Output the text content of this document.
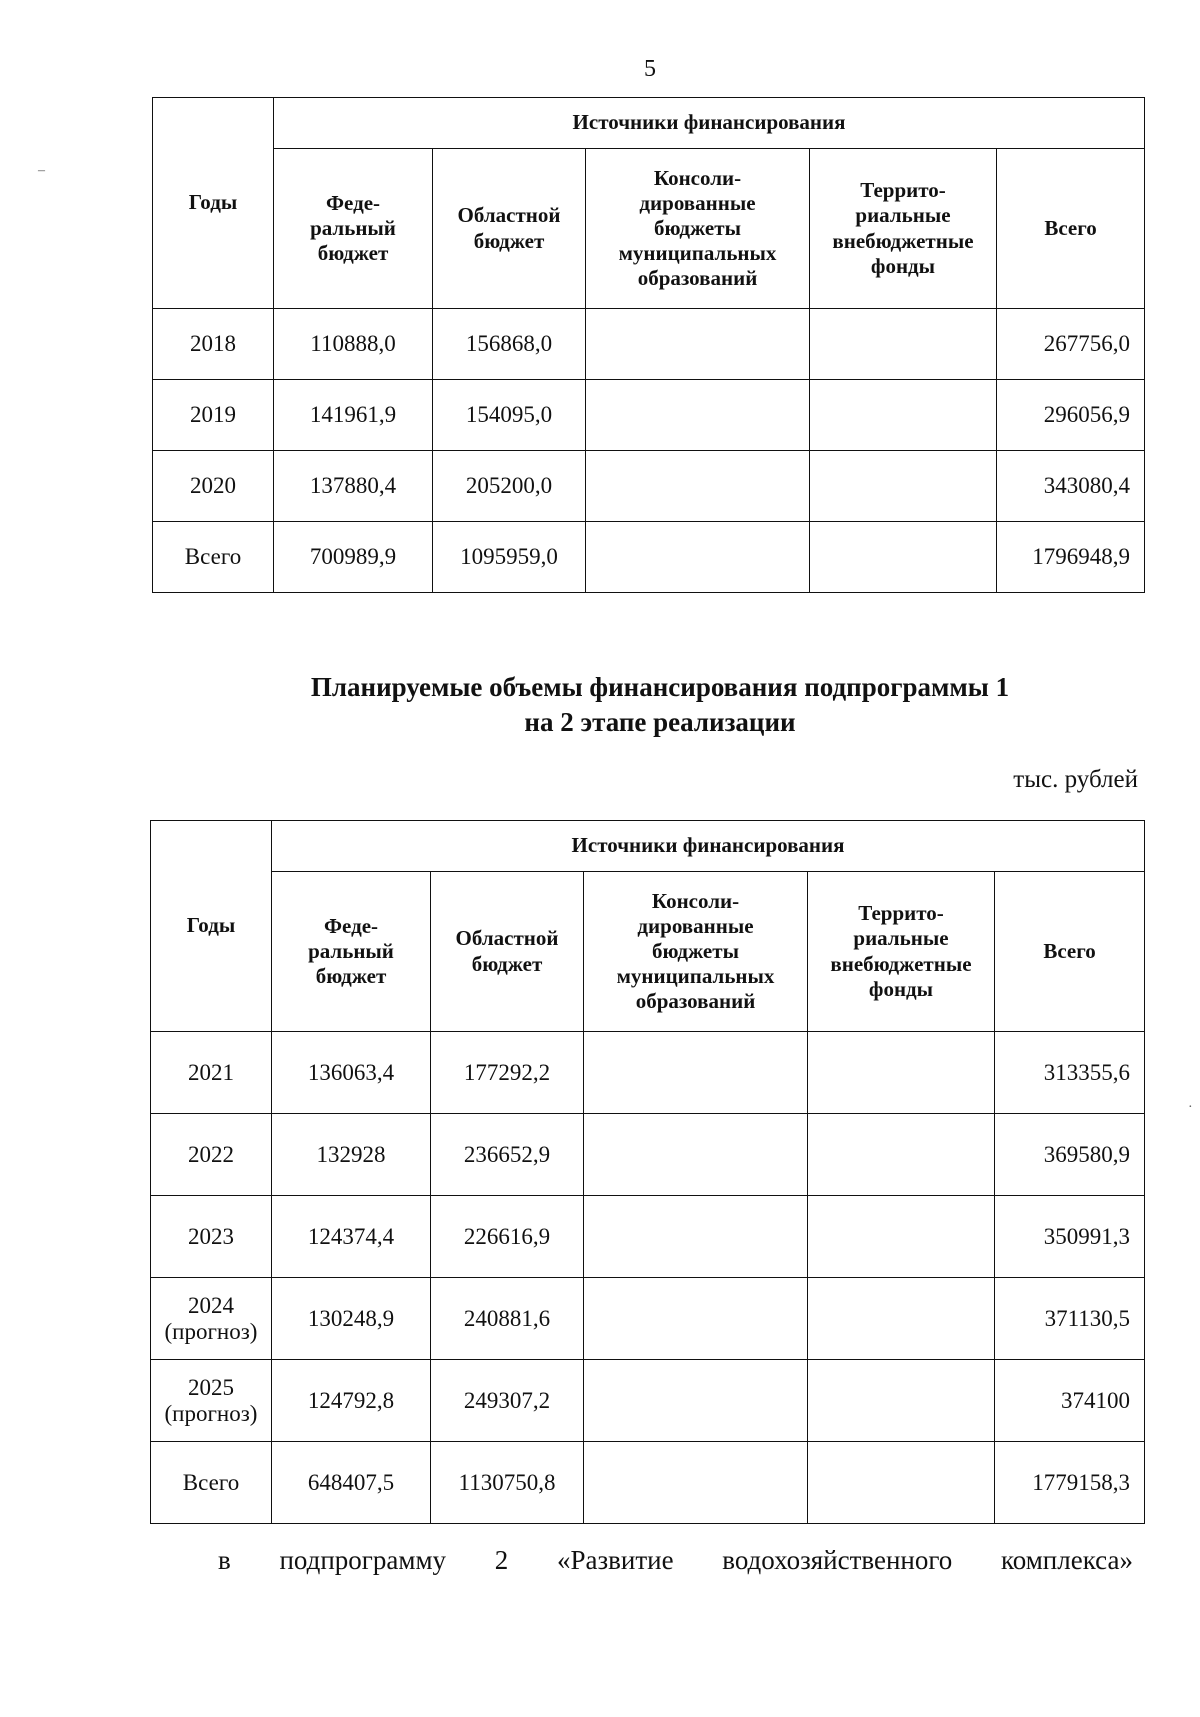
5
–
·
Годы	Источники финансирования				
	Феде-
ральный
бюджет	Областной
бюджет	Консоли-
дированные
бюджеты
муниципальных
образований	Террито-
риальные
внебюджетные
фонды	Всего
2018	110888,0	156868,0			267756,0
2019	141961,9	154095,0			296056,9
2020	137880,4	205200,0			343080,4
Всего	700989,9	1095959,0			1796948,9
Планируемые объемы финансирования подпрограммы 1
на 2 этапе реализации
тыс. рублей
Годы	Источники финансирования				
	Феде-
ральный
бюджет	Областной
бюджет	Консоли-
дированные
бюджеты
муниципальных
образований	Террито-
риальные
внебюджетные
фонды	Всего
2021	136063,4	177292,2			313355,6
2022	132928	236652,9			369580,9
2023	124374,4	226616,9			350991,3
2024
(прогноз)	130248,9	240881,6			371130,5
2025
(прогноз)	124792,8	249307,2			374100
Всего	648407,5	1130750,8			1779158,3
в подпрограмму 2 «Развитие водохозяйственного комплекса»
